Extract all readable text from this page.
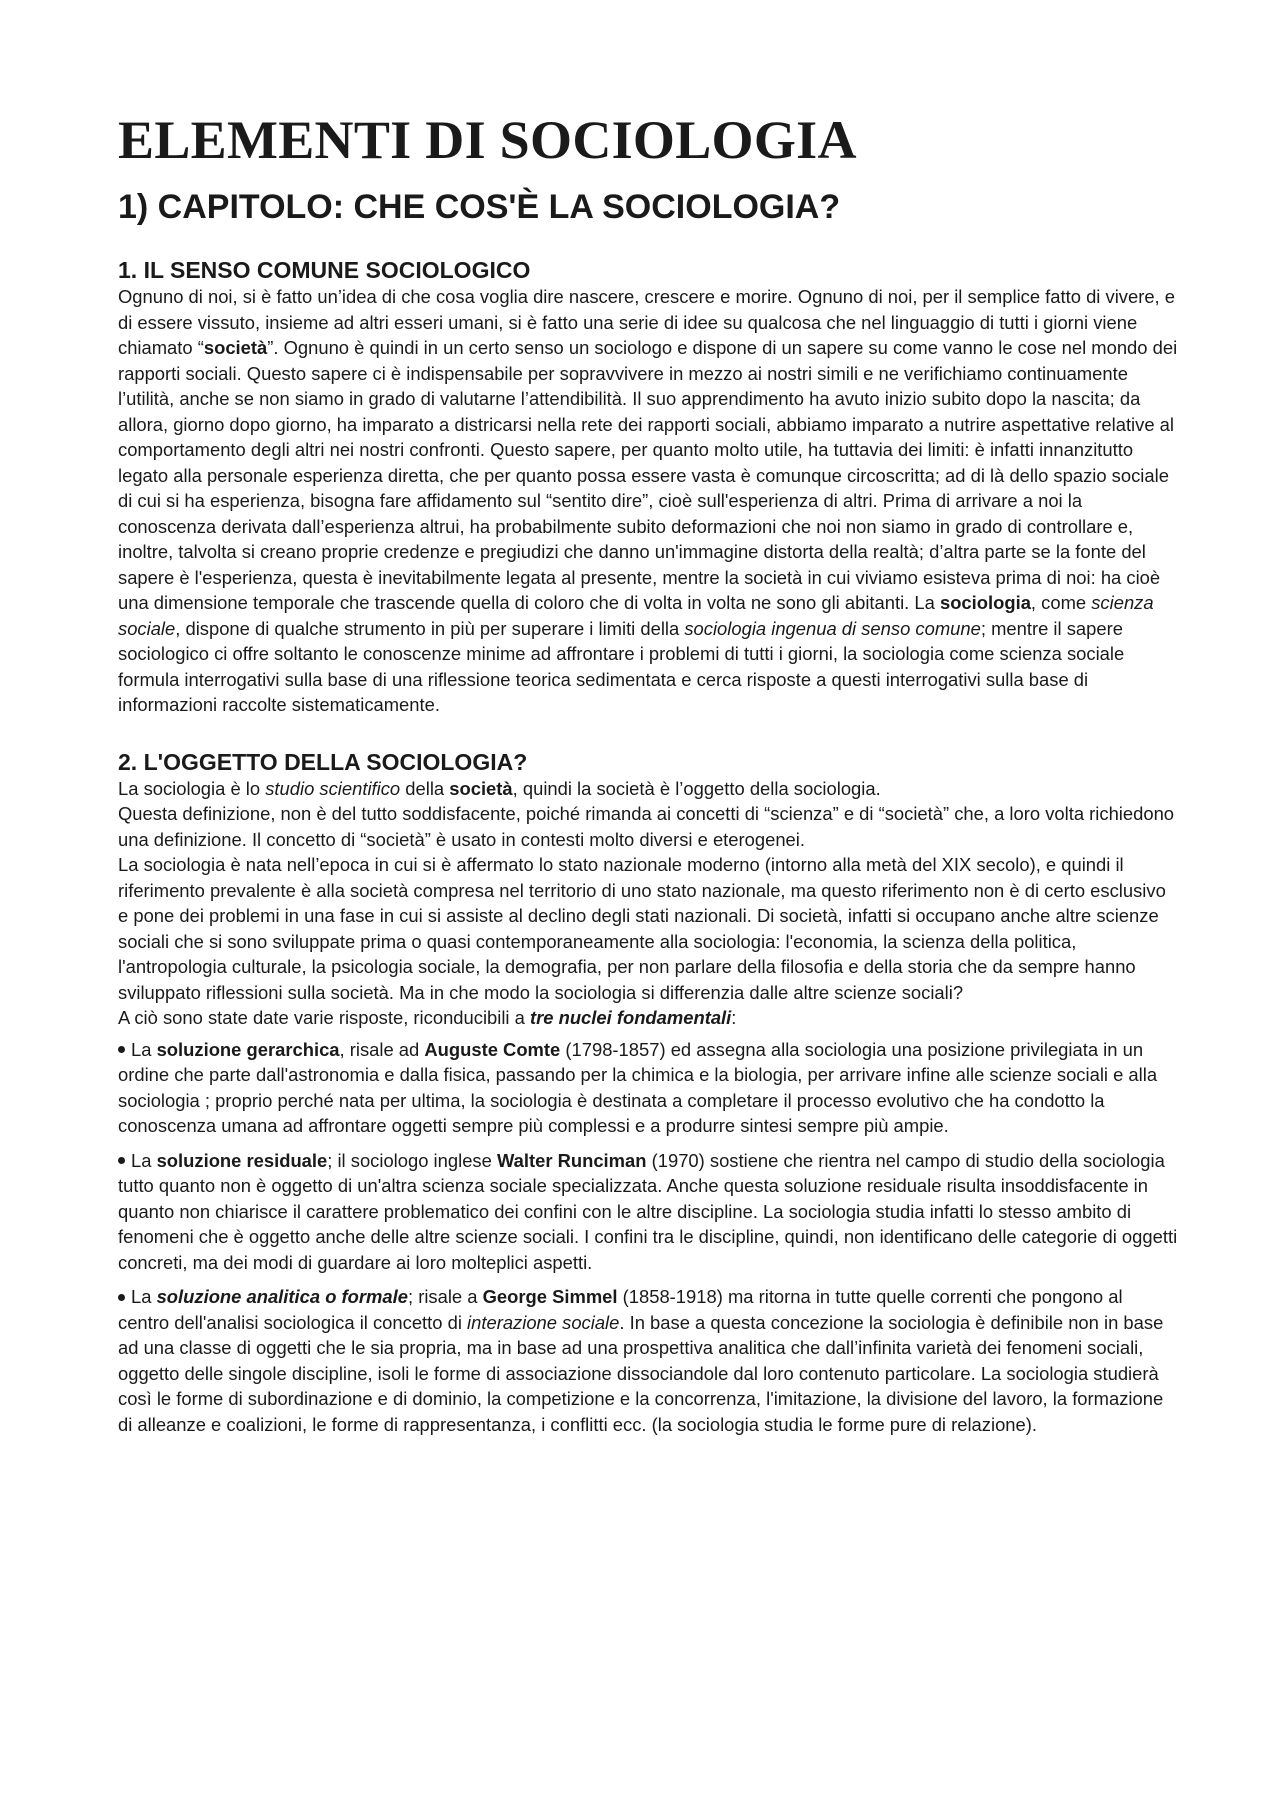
ELEMENTI DI SOCIOLOGIA
1) CAPITOLO: CHE COS'È LA SOCIOLOGIA?
1. IL SENSO COMUNE SOCIOLOGICO

Ognuno di noi, si è fatto un’idea di che cosa voglia dire nascere, crescere e morire. Ognuno di noi, per il semplice fatto di vivere, e di essere vissuto, insieme ad altri esseri umani, si è fatto una serie di idee su qualcosa che nel linguaggio di tutti i giorni viene chiamato “società”. Ognuno è quindi in un certo senso un sociologo e dispone di un sapere su come vanno le cose nel mondo dei rapporti sociali. Questo sapere ci è indispensabile per sopravvivere in mezzo ai nostri simili e ne verifichiamo continuamente l’utilità, anche se non siamo in grado di valutarne l’attendibilità. Il suo apprendimento ha avuto inizio subito dopo la nascita; da allora, giorno dopo giorno, ha imparato a districarsi nella rete dei rapporti sociali, abbiamo imparato a nutrire aspettative relative al comportamento degli altri nei nostri confronti. Questo sapere, per quanto molto utile, ha tuttavia dei limiti: è infatti innanzitutto legato alla personale esperienza diretta, che per quanto possa essere vasta è comunque circoscritta; ad di là dello spazio sociale di cui si ha esperienza, bisogna fare affidamento sul “sentito dire”, cioè sull'esperienza di altri. Prima di arrivare a noi la conoscenza derivata dall’esperienza altrui, ha probabilmente subito deformazioni che noi non siamo in grado di controllare e, inoltre, talvolta si creano proprie credenze e pregiudizi che danno un'immagine distorta della realtà; d’altra parte se la fonte del sapere è l'esperienza, questa è inevitabilmente legata al presente, mentre la società in cui viviamo esisteva prima di noi: ha cioè una dimensione temporale che trascende quella di coloro che di volta in volta ne sono gli abitanti. La sociologia, come scienza sociale, dispone di qualche strumento in più per superare i limiti della sociologia ingenua di senso comune; mentre il sapere sociologico ci offre soltanto le conoscenze minime ad affrontare i problemi di tutti i giorni, la sociologia come scienza sociale formula interrogativi sulla base di una riflessione teorica sedimentata e cerca risposte a questi interrogativi sulla base di informazioni raccolte sistematicamente.

2. L'OGGETTO DELLA SOCIOLOGIA?

La sociologia è lo studio scientifico della società, quindi la società è l’oggetto della sociologia.

Questa definizione, non è del tutto soddisfacente, poiché rimanda ai concetti di “scienza” e di “società” che, a loro volta richiedono una definizione. Il concetto di “società” è usato in contesti molto diversi e eterogenei.

La sociologia è nata nell’epoca in cui si è affermato lo stato nazionale moderno (intorno alla metà del XIX secolo), e quindi il riferimento prevalente è alla società compresa nel territorio di uno stato nazionale, ma questo riferimento non è di certo esclusivo e pone dei problemi in una fase in cui si assiste al declino degli stati nazionali. Di società, infatti si occupano anche altre scienze sociali che si sono sviluppate prima o quasi contemporaneamente alla sociologia: l'economia, la scienza della politica, l'antropologia culturale, la psicologia sociale, la demografia, per non parlare della filosofia e della storia che da sempre hanno sviluppato riflessioni sulla società. Ma in che modo la sociologia si differenzia dalle altre scienze sociali?

A ciò sono state date varie risposte, riconducibili a tre nuclei fondamentali:

La soluzione gerarchica, risale ad Auguste Comte (1798-1857) ed assegna alla sociologia una posizione privilegiata in un ordine che parte dall'astronomia e dalla fisica, passando per la chimica e la biologia, per arrivare infine alle scienze sociali e alla sociologia ; proprio perché nata per ultima, la sociologia è destinata a completare il processo evolutivo che ha condotto la conoscenza umana ad affrontare oggetti sempre più complessi e a produrre sintesi sempre più ampie.
La soluzione residuale; il sociologo inglese Walter Runciman (1970) sostiene che rientra nel campo di studio della sociologia tutto quanto non è oggetto di un'altra scienza sociale specializzata. Anche questa soluzione residuale risulta insoddisfacente in quanto non chiarisce il carattere problematico dei confini con le altre discipline. La sociologia studia infatti lo stesso ambito di fenomeni che è oggetto anche delle altre scienze sociali. I confini tra le discipline, quindi, non identificano delle categorie di oggetti concreti, ma dei modi di guardare ai loro molteplici aspetti.
La soluzione analitica o formale; risale a George Simmel (1858-1918) ma ritorna in tutte quelle correnti che pongono al centro dell'analisi sociologica il concetto di interazione sociale. In base a questa concezione la sociologia è definibile non in base ad una classe di oggetti che le sia propria, ma in base ad una prospettiva analitica che dall’infinita varietà dei fenomeni sociali, oggetto delle singole discipline, isoli le forme di associazione dissociandole dal loro contenuto particolare. La sociologia studierà così le forme di subordinazione e di dominio, la competizione e la concorrenza, l'imitazione, la divisione del lavoro, la formazione di alleanze e coalizioni, le forme di rappresentanza, i conflitti ecc. (la sociologia studia le forme pure di relazione).
